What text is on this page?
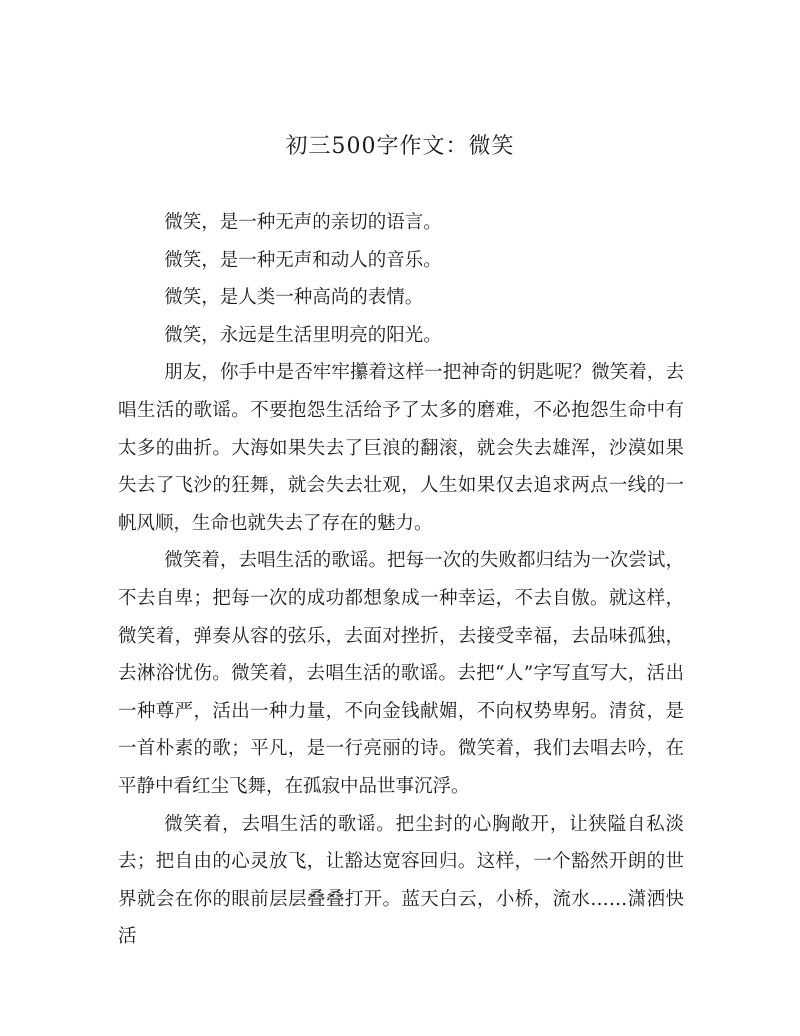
初三500字作文：微笑

微笑，是一种无声的亲切的语言。

微笑，是一种无声和动人的音乐。

微笑，是人类一种高尚的表情。

微笑，永远是生活里明亮的阳光。

朋友，你手中是否牢牢攥着这样一把神奇的钥匙呢？微笑着，去唱生活的歌谣。不要抱怨生活给予了太多的磨难，不必抱怨生命中有太多的曲折。大海如果失去了巨浪的翻滚，就会失去雄浑，沙漠如果失去了飞沙的狂舞，就会失去壮观，人生如果仅去追求两点一线的一帆风顺，生命也就失去了存在的魅力。

微笑着，去唱生活的歌谣。把每一次的失败都归结为一次尝试，不去自卑；把每一次的成功都想象成一种幸运，不去自傲。就这样，微笑着，弹奏从容的弦乐，去面对挫折，去接受幸福，去品味孤独，去淋浴忧伤。微笑着，去唱生活的歌谣。去把“人”字写直写大，活出一种尊严，活出一种力量，不向金钱献媚，不向权势卑躬。清贫，是一首朴素的歌；平凡，是一行亮丽的诗。微笑着，我们去唱去吟，在平静中看红尘飞舞，在孤寂中品世事沉浮。

微笑着，去唱生活的歌谣。把尘封的心胸敞开，让狭隘自私淡去；把自由的心灵放飞，让豁达宽容回归。这样，一个豁然开朗的世界就会在你的眼前层层叠叠打开。蓝天白云，小桥，流水……潇洒快活
